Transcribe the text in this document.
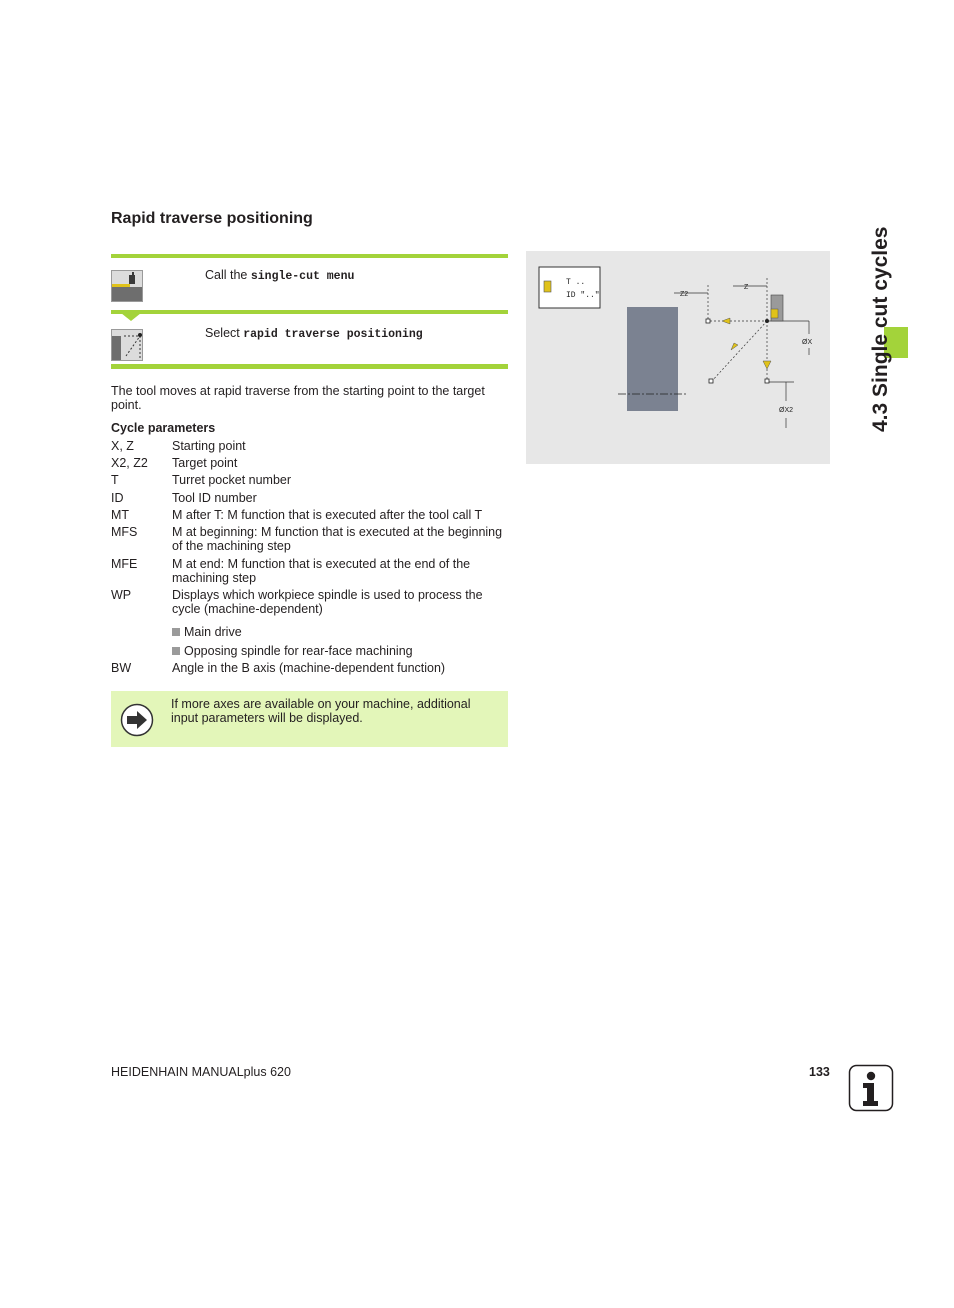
Rapid traverse positioning
Call the single-cut menu
Select rapid traverse positioning
The tool moves at rapid traverse from the starting point to the target point.
Cycle parameters
X, Z	Starting point
X2, Z2	Target point
T	Turret pocket number
ID	Tool ID number
MT	M after T: M function that is executed after the tool call T
MFS	M at beginning: M function that is executed at the beginning of the machining step
MFE	M at end: M function that is executed at the end of the machining step
WP	Displays which workpiece spindle is used to process the cycle (machine-dependent)
Main drive
Opposing spindle for rear-face machining
BW	Angle in the B axis (machine-dependent function)
If more axes are available on your machine, additional input parameters will be displayed.
T ..
ID ".."	Z2
Z
ØX
ØX2	4.3 Single cut cycles
HEIDENHAIN MANUALplus 620	133
